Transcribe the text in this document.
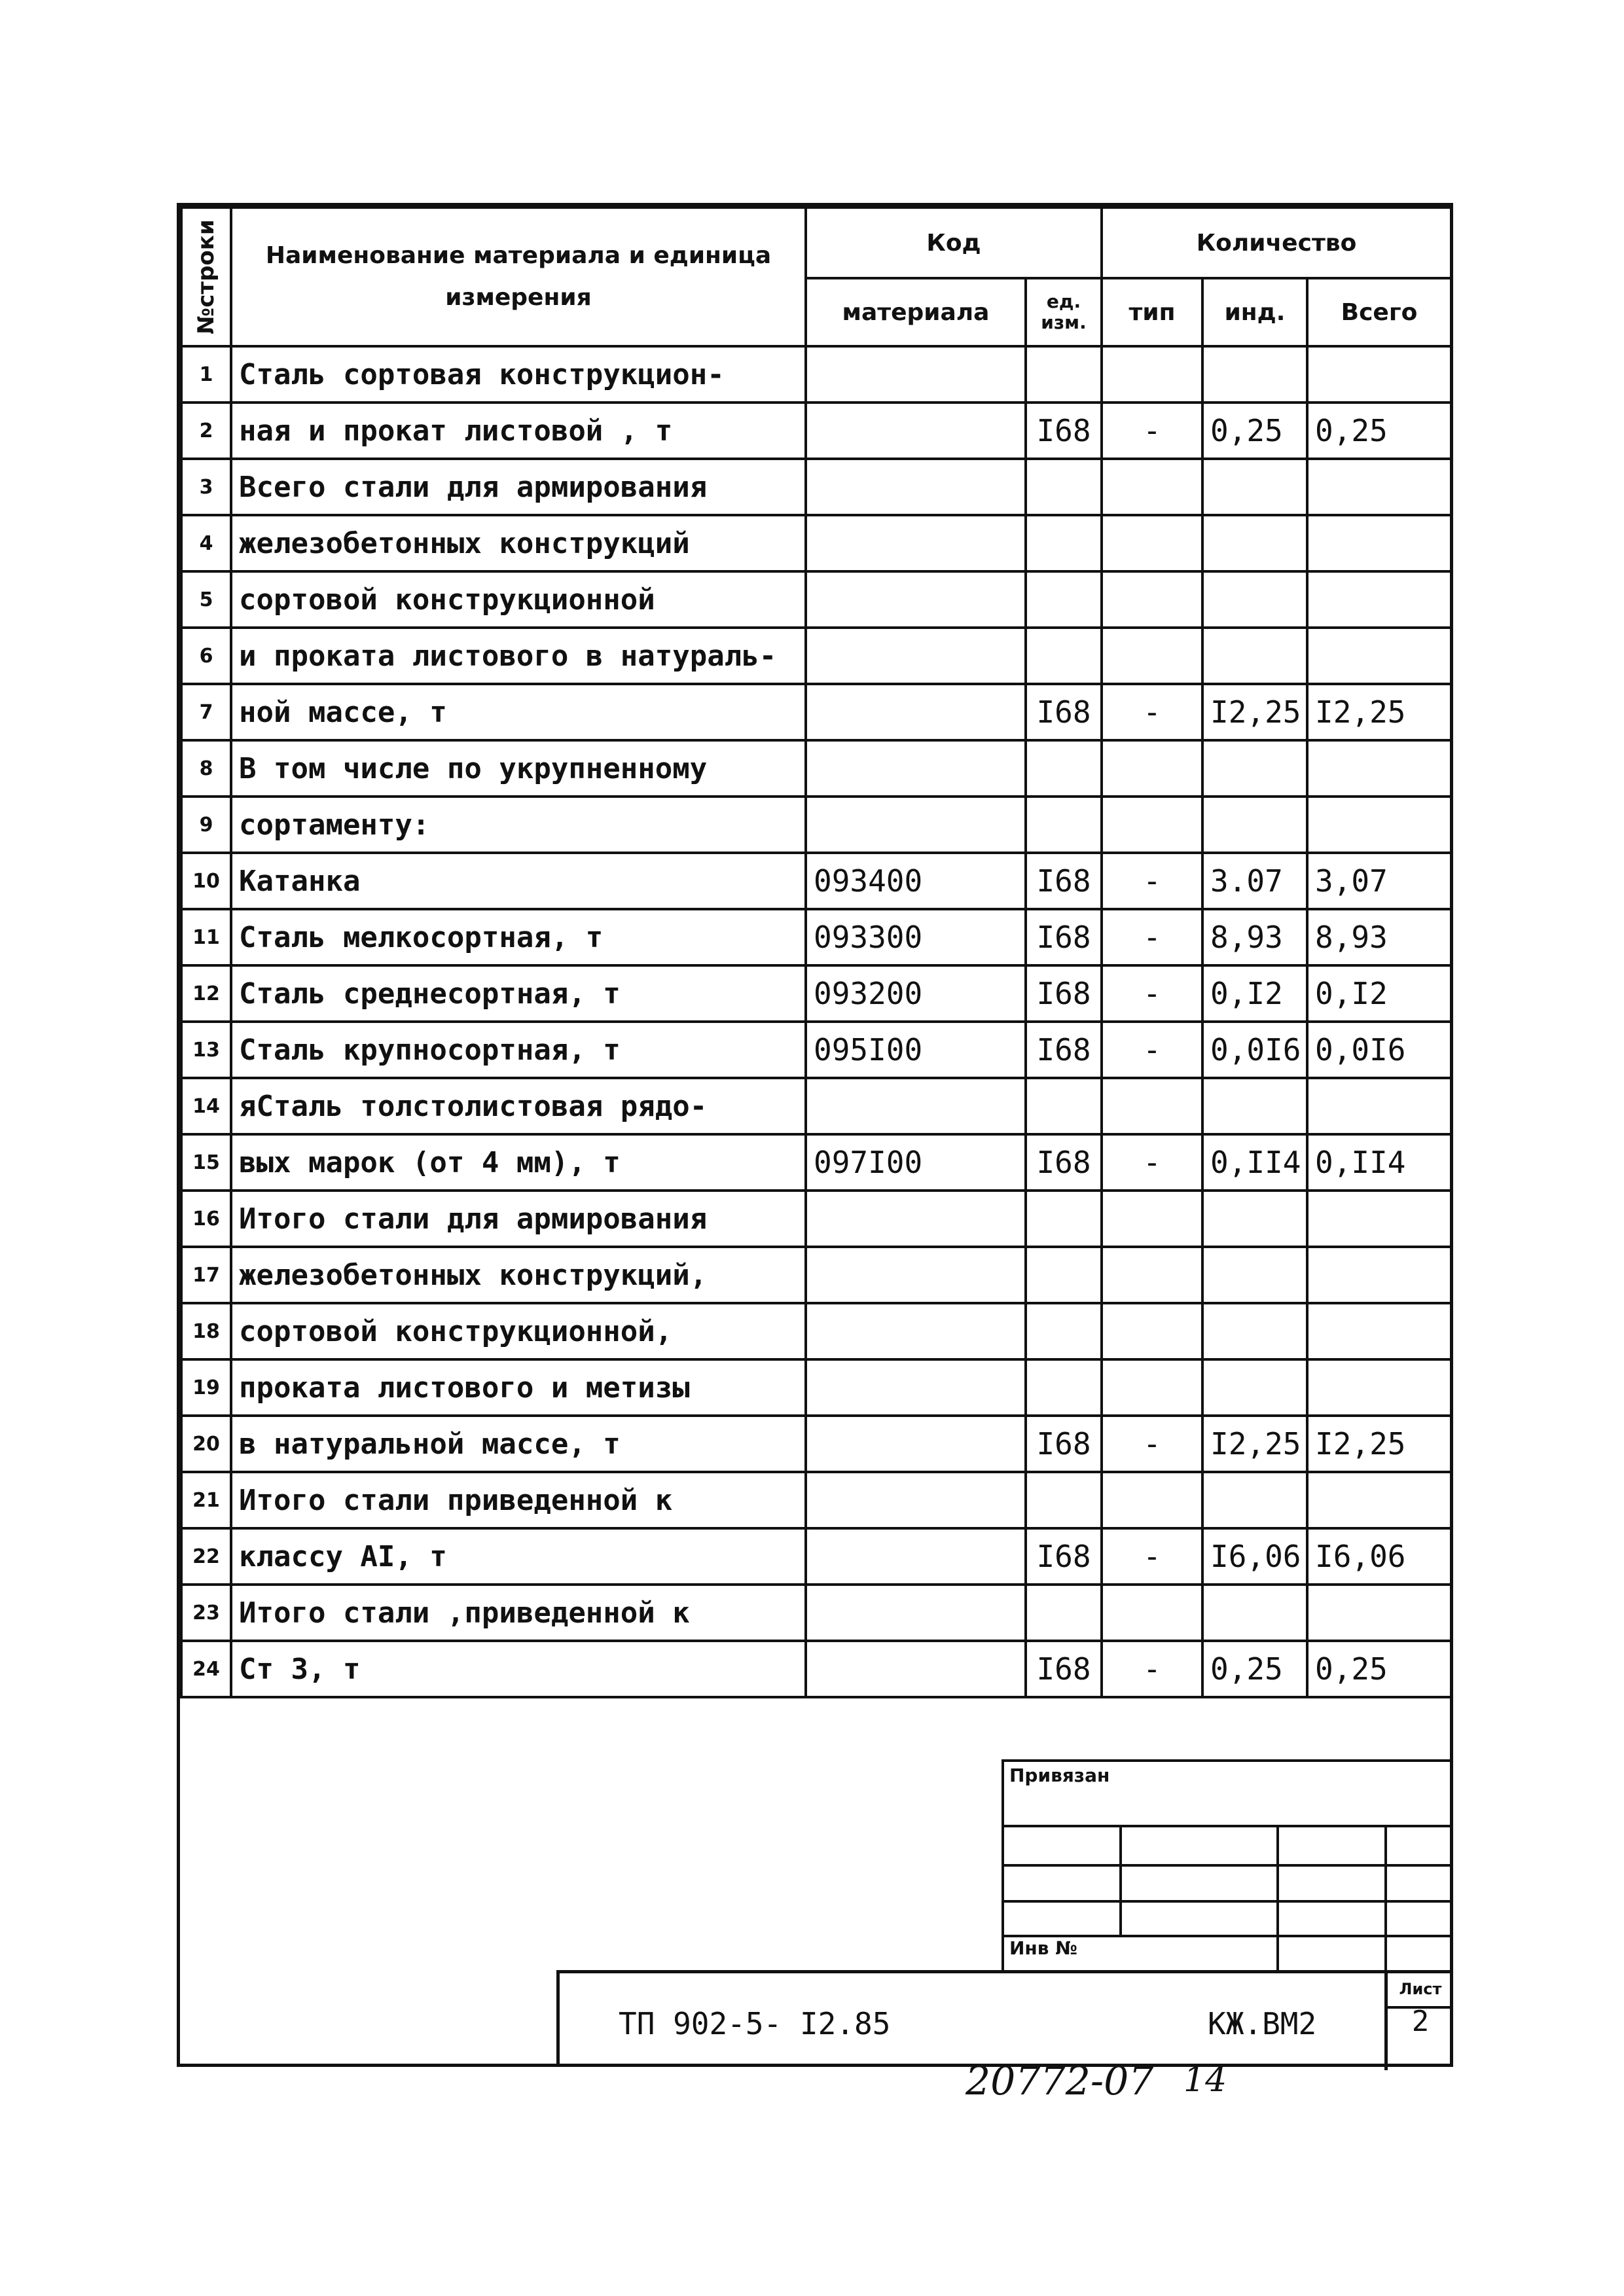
№строки	Наименование материала и единица измерения	Код		Количество		
		материала	ед. изм.	тип	инд.	Всего
1	Сталь сортовая конструкцион-					
2	ная и прокат листовой , т		I68	-	0,25	0,25
3	Всего стали для армирования					
4	железобетонных конструкций					
5	сортовой конструкционной					
6	и проката листового в натураль-					
7	ной массе, т		I68	-	I2,25	I2,25
8	В том числе по укрупненному					
9	сортаменту:					
10	Катанка	093400	I68	-	3.07	3,07
11	Сталь мелкосортная, т	093300	I68	-	8,93	8,93
12	Сталь среднесортная, т	093200	I68	-	0,I2	0,I2
13	Сталь крупносортная, т	095I00	I68	-	0,0I6	0,0I6
14	яСталь толстолистовая рядо-					
15	вых марок (от 4 мм), т	097I00	I68	-	0,II4	0,II4
16	Итого стали для армирования					
17	железобетонных конструкций,					
18	сортовой конструкционной,					
19	проката листового и метизы					
20	в натуральной массе, т		I68	-	I2,25	I2,25
21	Итого стали приведенной к					
22	классу АI, т		I68	-	I6,06	I6,06
23	Итого стали ,приведенной к					
24	Ст 3, т		I68	-	0,25	0,25
Привязан
Инв №
ТП 902-5- I2.85	КЖ.ВМ2
Лист
2
20772-07 14
